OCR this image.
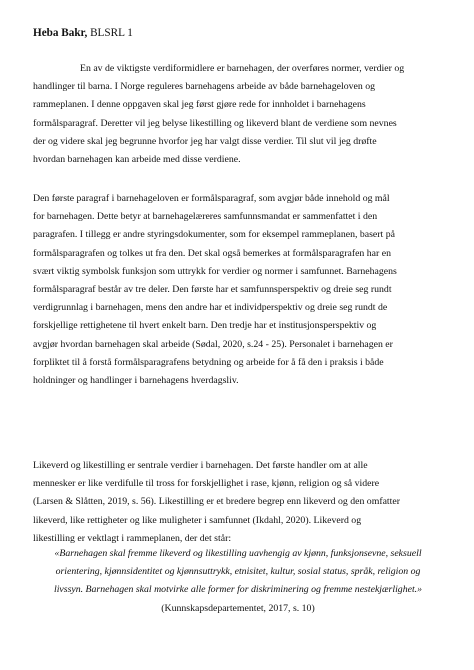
Heba Bakr, BLSRL 1

En av de viktigste verdiformidlere er barnehagen, der overføres normer, verdier og
handlinger til barna. I Norge reguleres barnehagens arbeide av både barnehageloven og
rammeplanen. I denne oppgaven skal jeg først gjøre rede for innholdet i barnehagens
formålsparagraf. Deretter vil jeg belyse likestilling og likeverd blant de verdiene som nevnes
der og videre skal jeg begrunne hvorfor jeg har valgt disse verdier. Til slut vil jeg drøfte
hvordan barnehagen kan arbeide med disse verdiene.

Den første paragraf i barnehageloven er formålsparagraf, som avgjør både innehold og mål
for barnehagen. Dette betyr at barnehagelæreres samfunnsmandat er sammenfattet i den
paragrafen. I tillegg er andre styringsdokumenter, som for eksempel rammeplanen, basert på
formålsparagrafen og tolkes ut fra den. Det skal også bemerkes at formålsparagrafen har en
svært viktig symbolsk funksjon som uttrykk for verdier og normer i samfunnet. Barnehagens
formålsparagraf består av tre deler. Den første har et samfunnsperspektiv og dreie seg rundt
verdigrunnlag i barnehagen, mens den andre har et individperspektiv og dreie seg rundt de
forskjellige rettighetene til hvert enkelt barn. Den tredje har et institusjonsperspektiv og
avgjør hvordan barnehagen skal arbeide (Sødal, 2020, s.24 - 25). Personalet i barnehagen er
forpliktet til å forstå formålsparagrafens betydning og arbeide for å få den i praksis i både
holdninger og handlinger i barnehagens hverdagsliv.

Likeverd og likestilling er sentrale verdier i barnehagen. Det første handler om at alle
mennesker er like verdifulle til tross for forskjellighet i rase, kjønn, religion og så videre
(Larsen & Slåtten, 2019, s. 56). Likestilling er et bredere begrep enn likeverd og den omfatter
likeverd, like rettigheter og like muligheter i samfunnet (Ikdahl, 2020). Likeverd og
likestilling er vektlagt i rammeplanen, der det står:

«Barnehagen skal fremme likeverd og likestilling uavhengig av kjønn, funksjonsevne, seksuell
orientering, kjønnsidentitet og kjønnsuttrykk, etnisitet, kultur, sosial status, språk, religion og
livssyn. Barnehagen skal motvirke alle former for diskriminering og fremme nestekjærlighet.»

(Kunnskapsdepartementet, 2017, s. 10)
